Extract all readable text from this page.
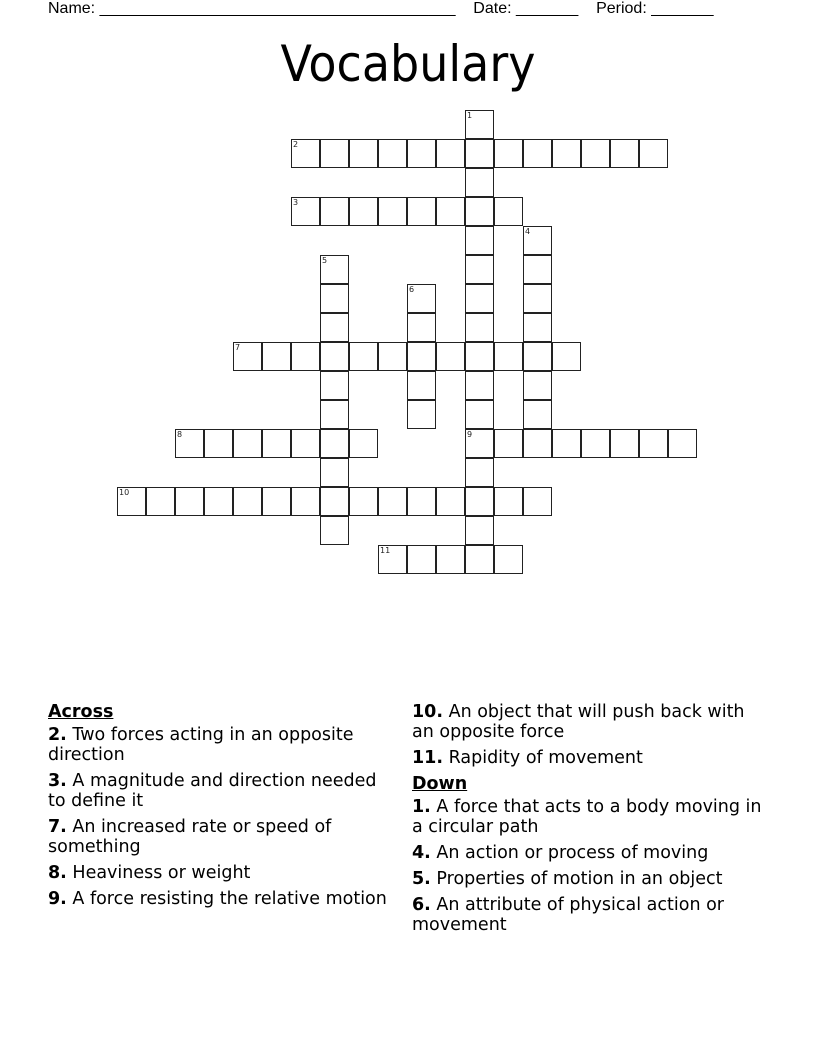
Name: ________________________________________ Date: _______ Period: _______
Vocabulary
1
9
2
3
4
5
6
7
8
10
11
Across
2. Two forces acting in an opposite direction
3. A magnitude and direction needed to define it
7. An increased rate or speed of something
8. Heaviness or weight
9. A force resisting the relative motion
10. An object that will push back with an opposite force
11. Rapidity of movement
Down
1. A force that acts to a body moving in a circular path
4. An action or process of moving
5. Properties of motion in an object
6. An attribute of physical action or movement
